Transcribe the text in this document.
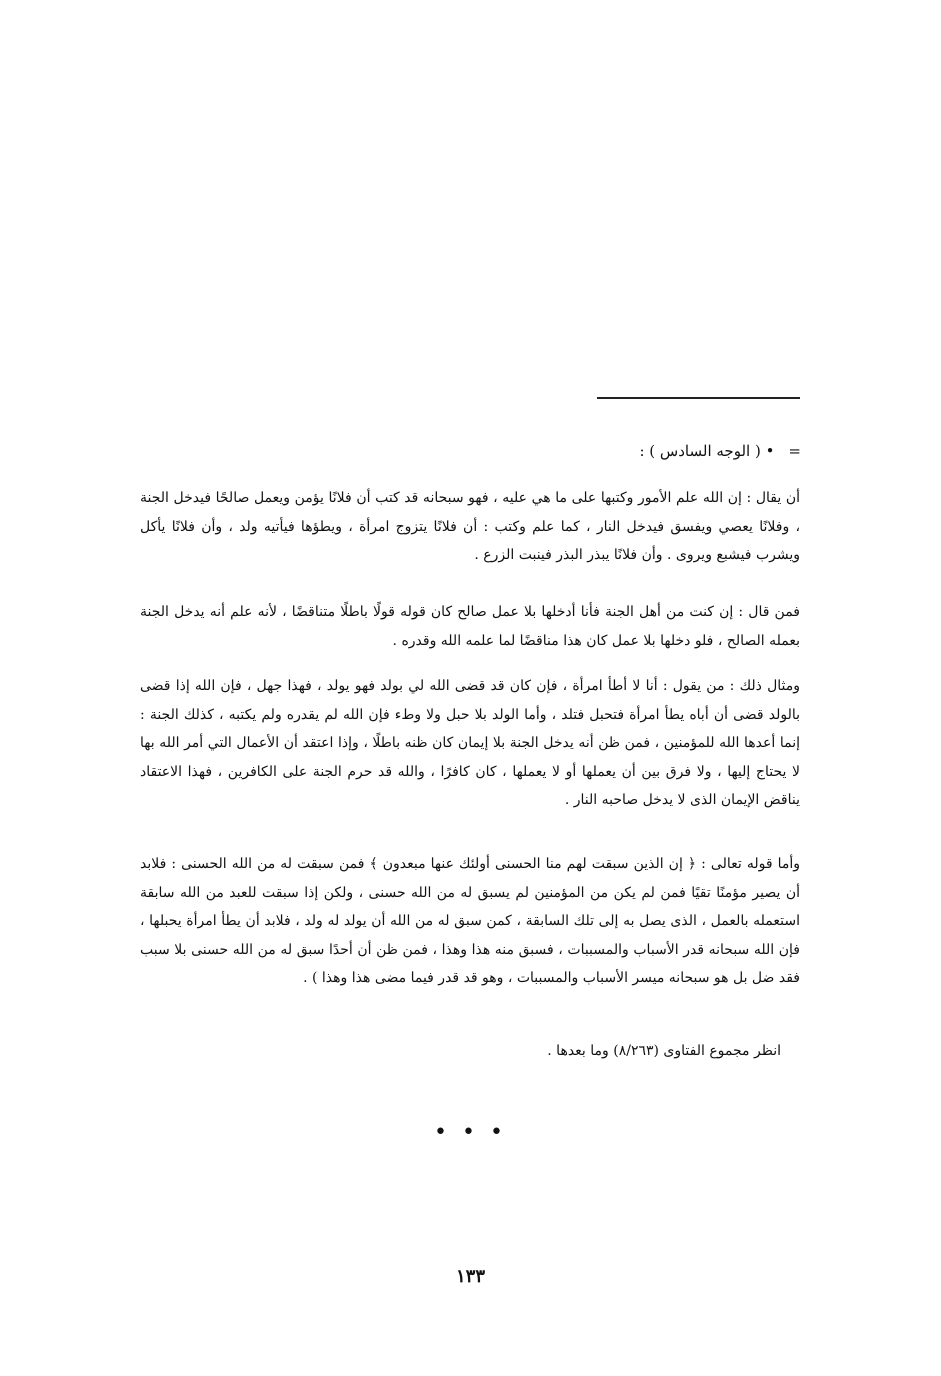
=• ( الوجه السادس ) :

أن يقال : إن الله علم الأمور وكتبها على ما هي عليه ، فهو سبحانه قد كتب أن فلانًا يؤمن ويعمل صالحًا فيدخل الجنة ، وفلانًا يعصي ويفسق فيدخل النار ، كما علم وكتب : أن فلانًا يتزوج امرأة ، ويطؤها فيأتيه ولد ، وأن فلانًا يأكل ويشرب فيشبع ويروى . وأن فلانًا يبذر البذر فينبت الزرع .

فمن قال : إن كنت من أهل الجنة فأنا أدخلها بلا عمل صالح كان قوله قولًا باطلًا متناقضًا ، لأنه علم أنه يدخل الجنة بعمله الصالح ، فلو دخلها بلا عمل كان هذا مناقضًا لما علمه الله وقدره .

ومثال ذلك : من يقول : أنا لا أطأ امرأة ، فإن كان قد قضى الله لي بولد فهو يولد ، فهذا جهل ، فإن الله إذا قضى بالولد قضى أن أباه يطأ امرأة فتحبل فتلد ، وأما الولد بلا حبل ولا وطء فإن الله لم يقدره ولم يكتبه ، كذلك الجنة : إنما أعدها الله للمؤمنين ، فمن ظن أنه يدخل الجنة بلا إيمان كان ظنه باطلًا ، وإذا اعتقد أن الأعمال التي أمر الله بها لا يحتاج إليها ، ولا فرق بين أن يعملها أو لا يعملها ، كان كافرًا ، والله قد حرم الجنة على الكافرين ، فهذا الاعتقاد يناقض الإيمان الذى لا يدخل صاحبه النار .

وأما قوله تعالى : ﴿ إن الذين سبقت لهم منا الحسنى أولئك عنها مبعدون ﴾ فمن سبقت له من الله الحسنى : فلابد أن يصير مؤمنًا تقيًا فمن لم يكن من المؤمنين لم يسبق له من الله حسنى ، ولكن إذا سبقت للعبد من الله سابقة استعمله بالعمل ، الذى يصل به إلى تلك السابقة ، كمن سبق له من الله أن يولد له ولد ، فلابد أن يطأ امرأة يحبلها ، فإن الله سبحانه قدر الأسباب والمسببات ، فسبق منه هذا وهذا ، فمن ظن أن أحدًا سبق له من الله حسنى بلا سبب فقد ضل بل هو سبحانه ميسر الأسباب والمسببات ، وهو قد قدر فيما مضى هذا وهذا ) .

انظر مجموع الفتاوى (٨/٢٦٣) وما بعدها .
• • •
١٣٣
